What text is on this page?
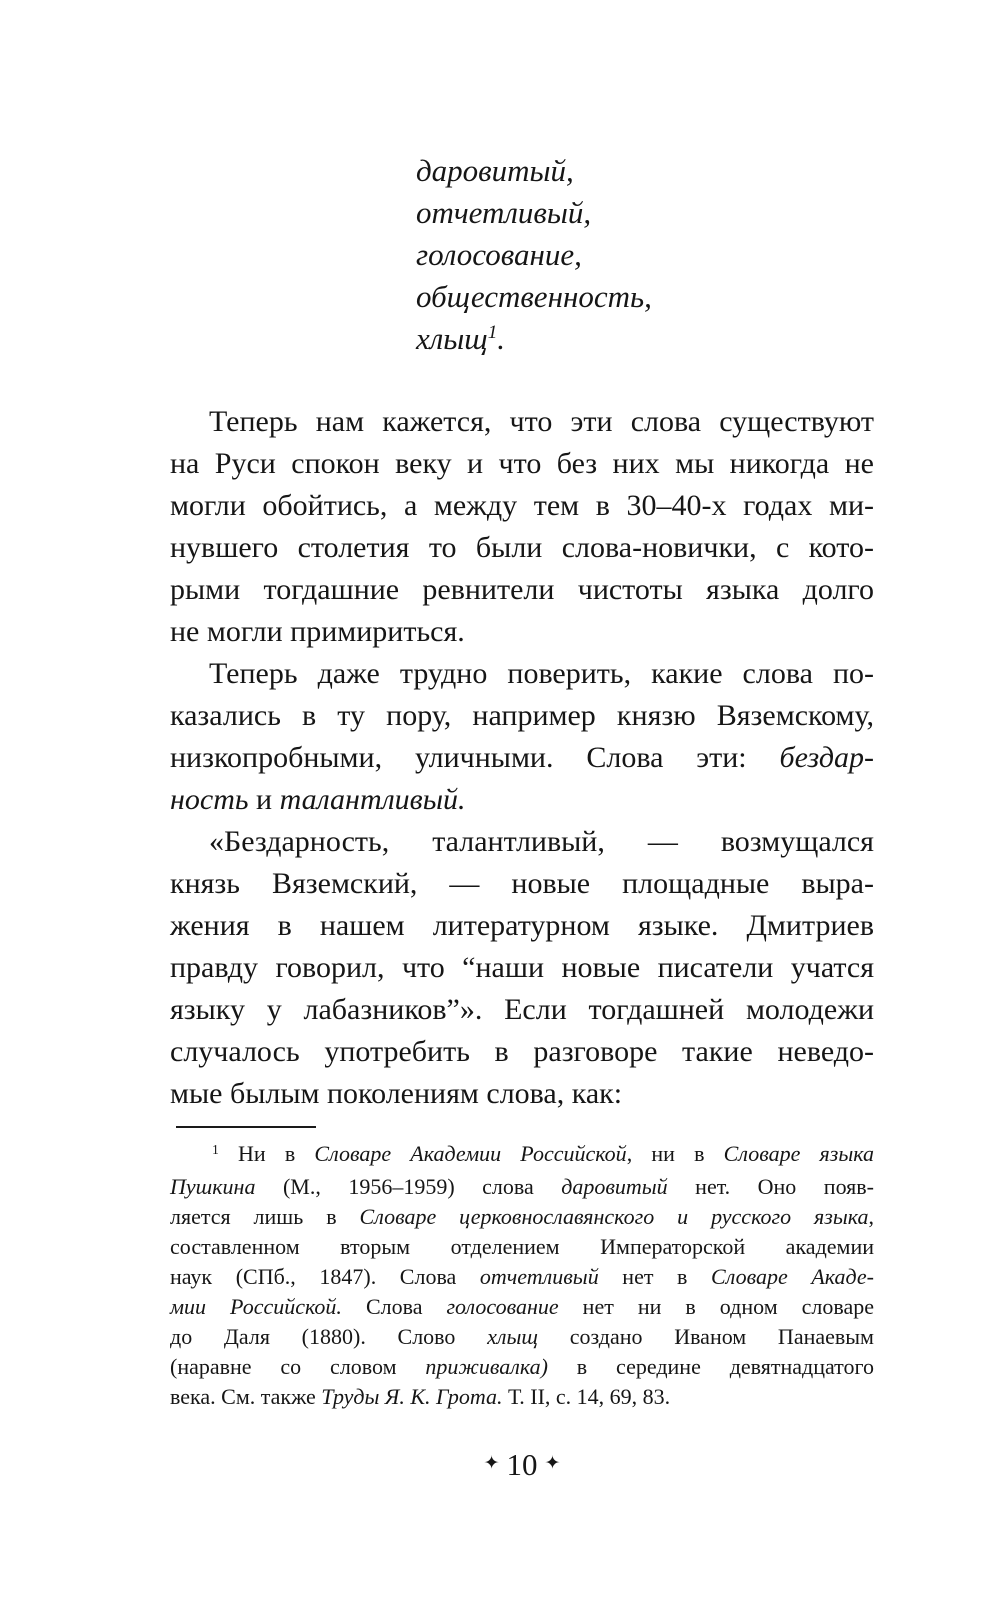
даровитый,
отчетливый,
голосование,
общественность,
хлыщ$^1$.
Теперь нам кажется, что эти слова существуют
на Руси спокон веку и что без них мы никогда не
могли обойтись, а между тем в 30–40-х годах ми-
нувшего столетия то были слова-новички, с кото-
рыми тогдашние ревнители чистоты языка долго
не могли примириться.
Теперь даже трудно поверить, какие слова по-
казались в ту пору, например князю Вяземскому,
низкопробными, уличными. Слова эти: бездар-
ность и талантливый.
«Бездарность, талантливый, — возмущался
князь Вяземский, — новые площадные выра-
жения в нашем литературном языке. Дмитриев
правду говорил, что “наши новые писатели учатся
языку у лабазников”». Если тогдашней молодежи
случалось употребить в разговоре такие неведо-
мые былым поколениям слова, как:
$^1$ Ни в Словаре Академии Российской, ни в Словаре языка
Пушкина (М., 1956–1959) слова даровитый нет. Оно появ-
ляется лишь в Словаре церковнославянского и русского языка,
составленном вторым отделением Императорской академии
наук (СПб., 1847). Слова отчетливый нет в Словаре Акаде-
мии Российской. Слова голосование нет ни в одном словаре
до Даля (1880). Слово хлыщ создано Иваном Панаевым
(наравне со словом приживалка) в середине девятнадцатого
века. См. также Труды Я. К. Грота. Т. II, с. 14, 69, 83.
✦ 10 ✦
